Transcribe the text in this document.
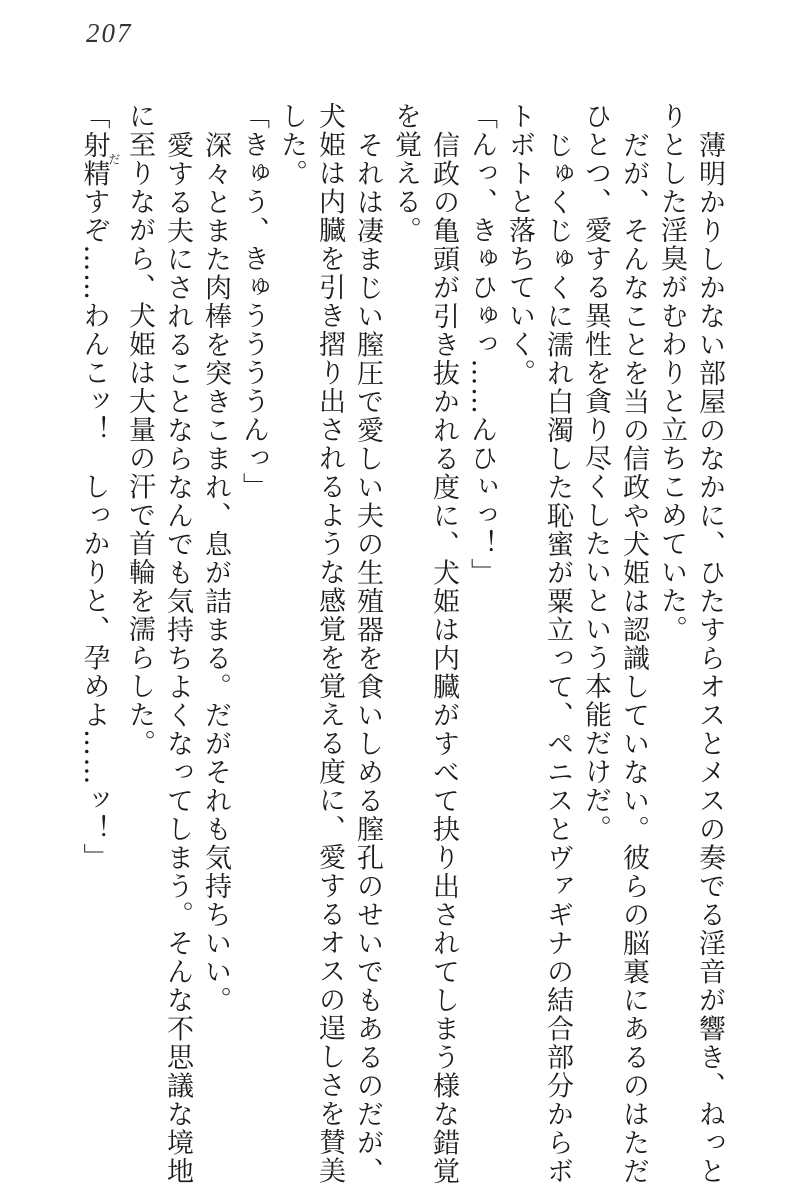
207

薄明かりしかない部屋のなかに、ひたすらオスとメスの奏でる淫音が響き、ねっと

りとした淫臭がむわりと立ちこめていた。

だが、そんなことを当の信政や犬姫は認識していない。彼らの脳裏にあるのはただ

ひとつ、愛する異性を貪り尽くしたいという本能だけだ。

じゅくじゅくに濡れ白濁した恥蜜が粟立って、ペニスとヴァギナの結合部分からボ

トボトと落ちていく。

「んっ、きゅひゅっ……んひぃっ！」

信政の亀頭が引き抜かれる度に、犬姫は内臓がすべて抉り出されてしまう様な錯覚

を覚える。

それは凄まじい膣圧で愛しい夫の生殖器を食いしめる膣孔のせいでもあるのだが、

犬姫は内臓を引き摺り出されるような感覚を覚える度に、愛するオスの逞しさを賛美

した。

「きゅう、きゅううううんっ」

深々とまた肉棒を突きこまれ、息が詰まる。だがそれも気持ちいい。

愛する夫にされることならなんでも気持ちよくなってしまう。そんな不思議な境地

に至りながら、犬姫は大量の汗で首輪を濡らした。

「射精だすぞ……わんこッ！　しっかりと、孕めよ……ッ！」
